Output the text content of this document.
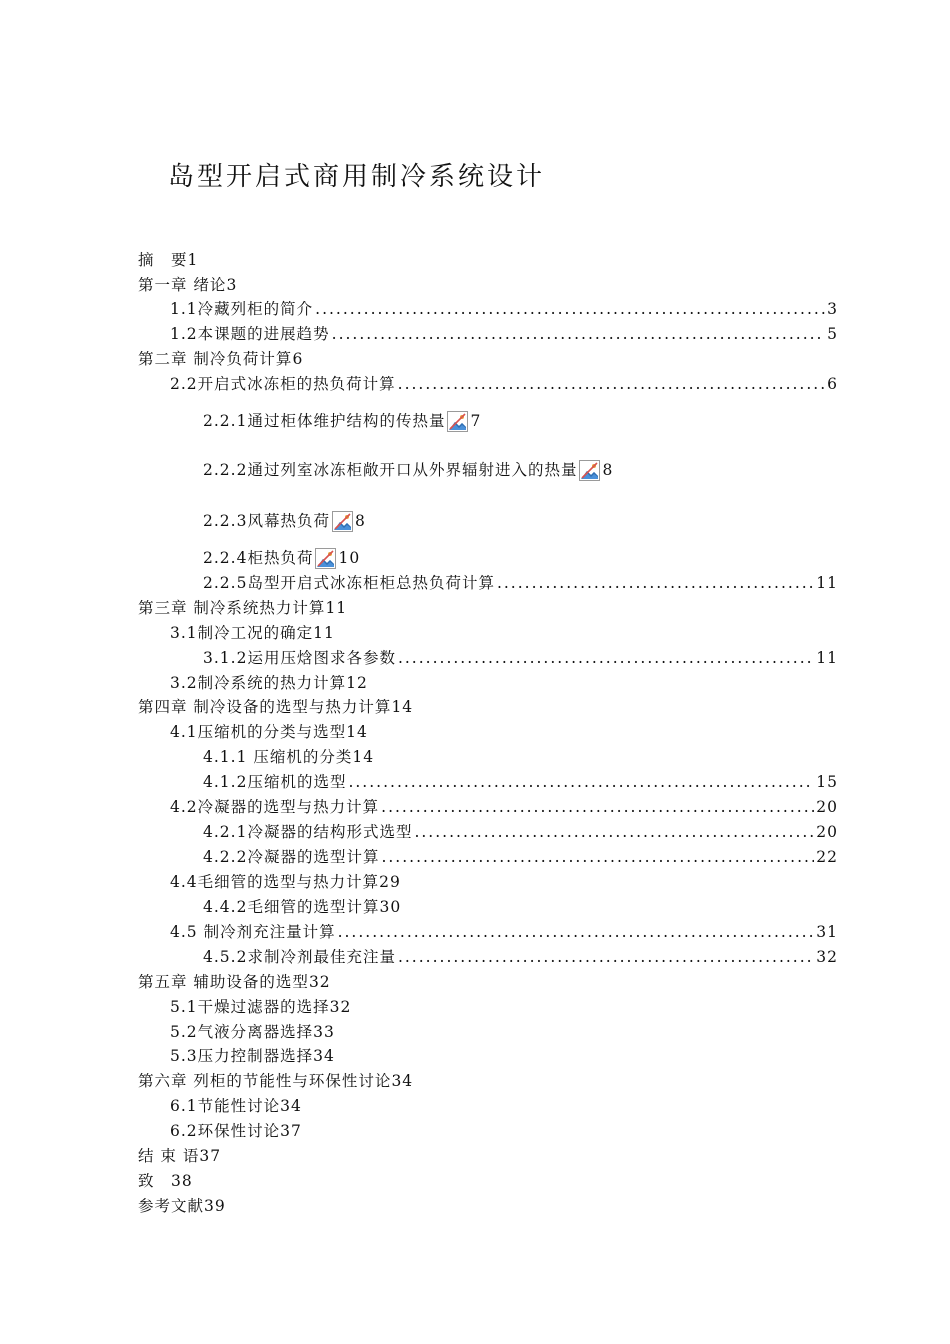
岛型开启式商用制冷系统设计
摘　要 1
第一章 绪论 3
1.1冷藏列柜的简介 .....	3
1.2本课题的进展趋势 .....	5
第二章 制冷负荷计算 6
2.2开启式冰冻柜的热负荷计算 .....	6
2.2.1通过柜体维护结构的传热量 7
2.2.2通过列室冰冻柜敞开口从外界辐射进入的热量 8
2.2.3风幕热负荷 8
2.2.4柜热负荷 10
2.2.5岛型开启式冰冻柜柜总热负荷计算 .....	11
第三章 制冷系统热力计算 11
3.1制冷工况的确定 11
3.1.2运用压焓图求各参数 .....	11
3.2制冷系统的热力计算 12
第四章 制冷设备的选型与热力计算 14
4.1压缩机的分类与选型 14
4.1.1 压缩机的分类 14
4.1.2压缩机的选型 .....	15
4.2冷凝器的选型与热力计算 .....	20
4.2.1冷凝器的结构形式选型 .....	20
4.2.2冷凝器的选型计算 .....	22
4.4毛细管的选型与热力计算 29
4.4.2毛细管的选型计算 30
4.5 制冷剂充注量计算 .....	31
4.5.2求制冷剂最佳充注量 .....	32
第五章 辅助设备的选型 32
5.1干燥过滤器的选择 32
5.2气液分离器选择 33
5.3压力控制器选择 34
第六章 列柜的节能性与环保性讨论 34
6.1节能性讨论 34
6.2环保性讨论 37
结 束 语 37
致　 38
参考文献 39
